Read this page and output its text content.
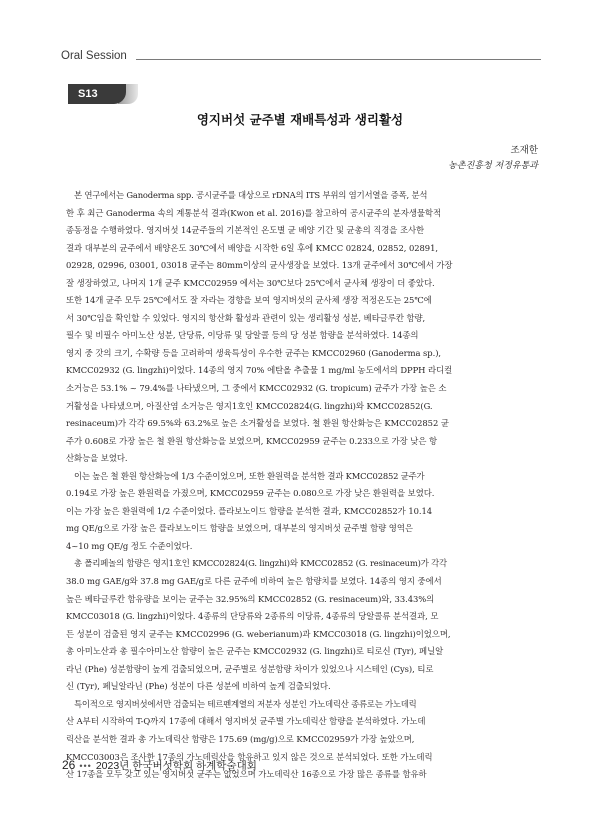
Oral Session
S13
영지버섯 균주별 재배특성과 생리활성
조재한
농촌진흥청 저정유통과
본 연구에서는 Ganoderma spp. 공시균주를 대상으로 rDNA의 ITS 부위의 염기서열을 증폭, 분석
한 후 최근 Ganoderma 속의 계통분석 결과(Kwon et al. 2016)를 참고하여 공시균주의 분자생물학적
종동정을 수행하였다. 영지버섯 14균주들의 기본적인 온도별 균 배양 기간 및 균총의 직경을 조사한
결과 대부분의 균주에서 배양온도 30℃에서 배양을 시작한 6일 후에 KMCC 02824, 02852, 02891,
02928, 02996, 03001, 03018 균주는 80mm이상의 균사생장을 보였다. 13개 균주에서 30℃에서 가장
잘 생장하였고, 나머지 1개 균주 KMCC02959 에서는 30℃보다 25℃에서 균사체 생장이 더 좋았다.
또한 14개 균주 모두 25℃에서도 잘 자라는 경향을 보여 영지버섯의 균사체 생장 적정온도는 25℃에
서 30℃임을 확인할 수 있었다. 영지의 항산화 활성과 관련이 있는 생리활성 성분, 베타글루칸 함량,
필수 및 비필수 아미노산 성분, 단당류, 이당류 및 당알콜 등의 당 성분 함량을 분석하였다. 14종의
영지 중 갓의 크기, 수확량 등을 고려하여 생육특성이 우수한 균주는 KMCC02960 (Ganoderma sp.),
KMCC02932 (G. lingzhi)이었다. 14종의 영지 70% 에탄올 추출물 1 mg/ml 농도에서의 DPPH 라디컬
소거능은 53.1% ~ 79.4%를 나타냈으며, 그 중에서 KMCC02932 (G. tropicum) 균주가 가장 높은 소
거활성을 나타냈으며, 아질산염 소거능은 영지1호인 KMCC02824(G. lingzhi)와 KMCC02852(G.
resinaceum)가 각각 69.5%와 63.2%로 높은 소거활성을 보였다. 철 환원 항산화능은 KMCC02852 균
주가 0.608로 가장 높은 철 환원 항산화능을 보였으며, KMCC02959 균주는 0.233으로 가장 낮은 항
산화능을 보였다.
이는 높은 철 환원 항산화능에 1/3 수준이었으며, 또한 환원력을 분석한 결과 KMCC02852 균주가
0.194로 가장 높은 환원력을 가졌으며, KMCC02959 균주는 0.080으로 가장 낮은 환원력을 보였다.
이는 가장 높은 환원력에 1/2 수준이었다. 플라보노이드 함량을 분석한 결과, KMCC02852가 10.14
mg QE/g으로 가장 높은 플라보노이드 함량을 보였으며, 대부분의 영지버섯 균주별 함량 영역은
4~10 mg QE/g 정도 수준이었다.
총 폴리페놀의 함량은 영지1호인 KMCC02824(G. lingzhi)와 KMCC02852 (G. resinaceum)가 각각
38.0 mg GAE/g와 37.8 mg GAE/g로 다른 균주에 비하여 높은 함량치를 보였다. 14종의 영지 중에서
높은 베타글루칸 함유량을 보이는 균주는 32.95%의 KMCC02852 (G. resinaceum)와, 33.43%의
KMCC03018 (G. lingzhi)이었다. 4종류의 단당류와 2종류의 이당류, 4종류의 당알콜류 분석결과, 모
든 성분이 검출된 영지 균주는 KMCC02996 (G. weberianum)과 KMCC03018 (G. lingzhi)이었으며,
총 아미노산과 총 필수아미노산 함량이 높은 균주는 KMCC02932 (G. lingzhi)로 티로신 (Tyr), 페닐알
라닌 (Phe) 성분함량이 높게 검출되었으며, 균주별로 성분함량 차이가 있었으나 시스테인 (Cys), 티로
신 (Tyr), 페닐알라닌 (Phe) 성분이 다른 성분에 비하여 높게 검출되었다.
특이적으로 영지버섯에서만 검출되는 테르펜계열의 저분자 성분인 가노데릭산 종류로는 가노데릭
산 A부터 시작하여 T-Q까지 17종에 대해서 영지버섯 균주별 가노데릭산 함량을 분석하였다. 가노데
릭산을 분석한 결과 총 가노데릭산 함량은 175.69 (mg/g)으로 KMCC02959가 가장 높았으며,
KMCC03003은 조사한 17종의 가노데릭산을 함유하고 있지 않은 것으로 분석되었다. 또한 가노데릭
산 17종을 모두 갖고 있는 영지버섯 균주는 없었으며 가노데릭산 16종으로 가장 많은 종류를 함유하
26 ••• 2023년 한국버섯학회 하계학술대회
